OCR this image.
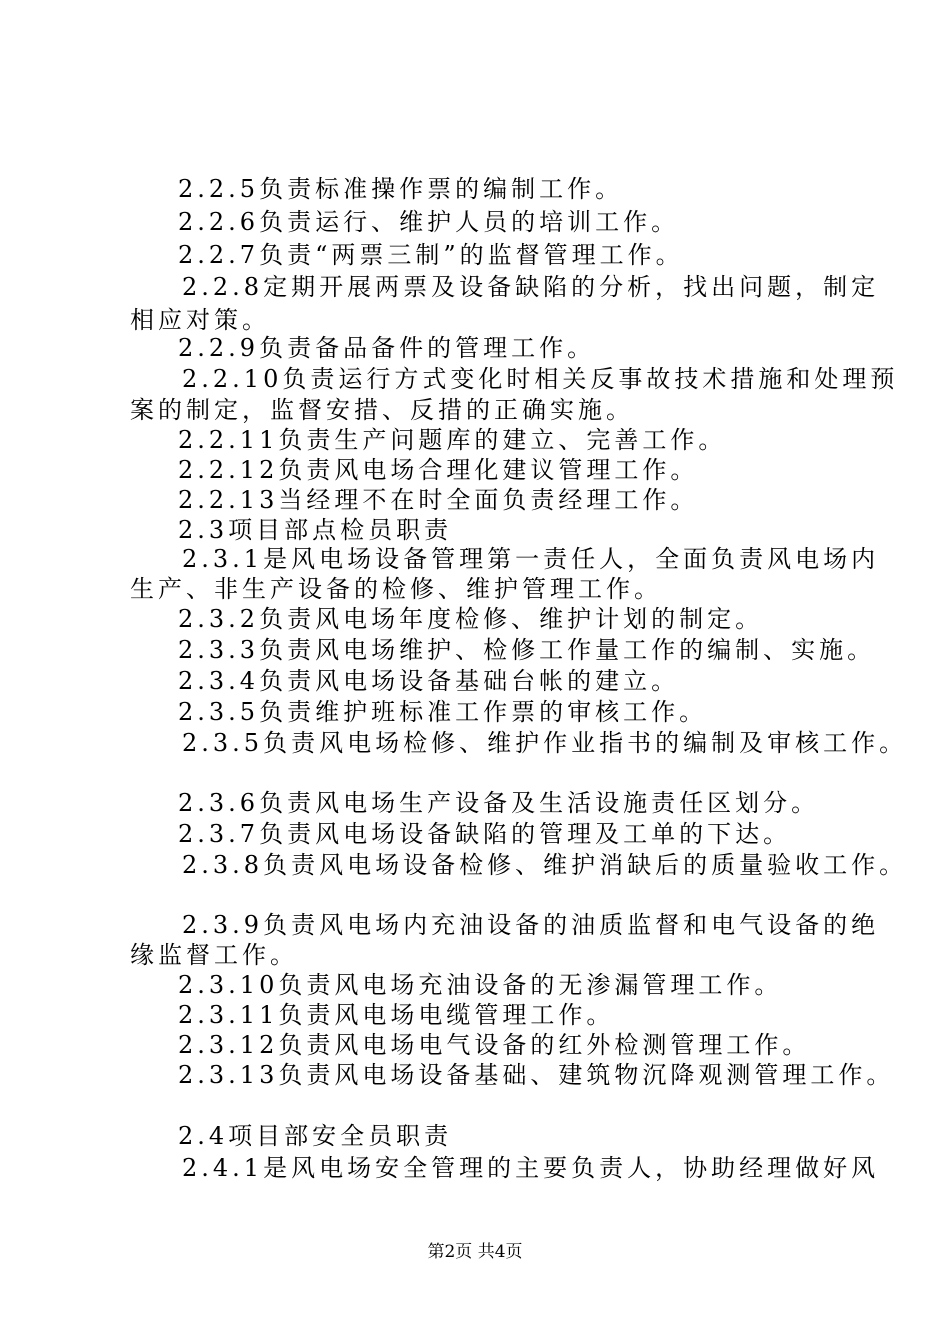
2.2.5负责标准操作票的编制工作。
2.2.6负责运行、维护人员的培训工作。
2.2.7负责“两票三制”的监督管理工作。
2.2.8定期开展两票及设备缺陷的分析，找出问题，制定
相应对策。
2.2.9负责备品备件的管理工作。
2.2.10负责运行方式变化时相关反事故技术措施和处理预
案的制定，监督安措、反措的正确实施。
2.2.11负责生产问题库的建立、完善工作。
2.2.12负责风电场合理化建议管理工作。
2.2.13当经理不在时全面负责经理工作。
2.3项目部点检员职责
2.3.1是风电场设备管理第一责任人，全面负责风电场内
生产、非生产设备的检修、维护管理工作。
2.3.2负责风电场年度检修、维护计划的制定。
2.3.3负责风电场维护、检修工作量工作的编制、实施。
2.3.4负责风电场设备基础台帐的建立。
2.3.5负责维护班标准工作票的审核工作。
2.3.5负责风电场检修、维护作业指书的编制及审核工作。
2.3.6负责风电场生产设备及生活设施责任区划分。
2.3.7负责风电场设备缺陷的管理及工单的下达。
2.3.8负责风电场设备检修、维护消缺后的质量验收工作。
2.3.9负责风电场内充油设备的油质监督和电气设备的绝
缘监督工作。
2.3.10负责风电场充油设备的无渗漏管理工作。
2.3.11负责风电场电缆管理工作。
2.3.12负责风电场电气设备的红外检测管理工作。
2.3.13负责风电场设备基础、建筑物沉降观测管理工作。
2.4项目部安全员职责
2.4.1是风电场安全管理的主要负责人，协助经理做好风
第2页 共4页
